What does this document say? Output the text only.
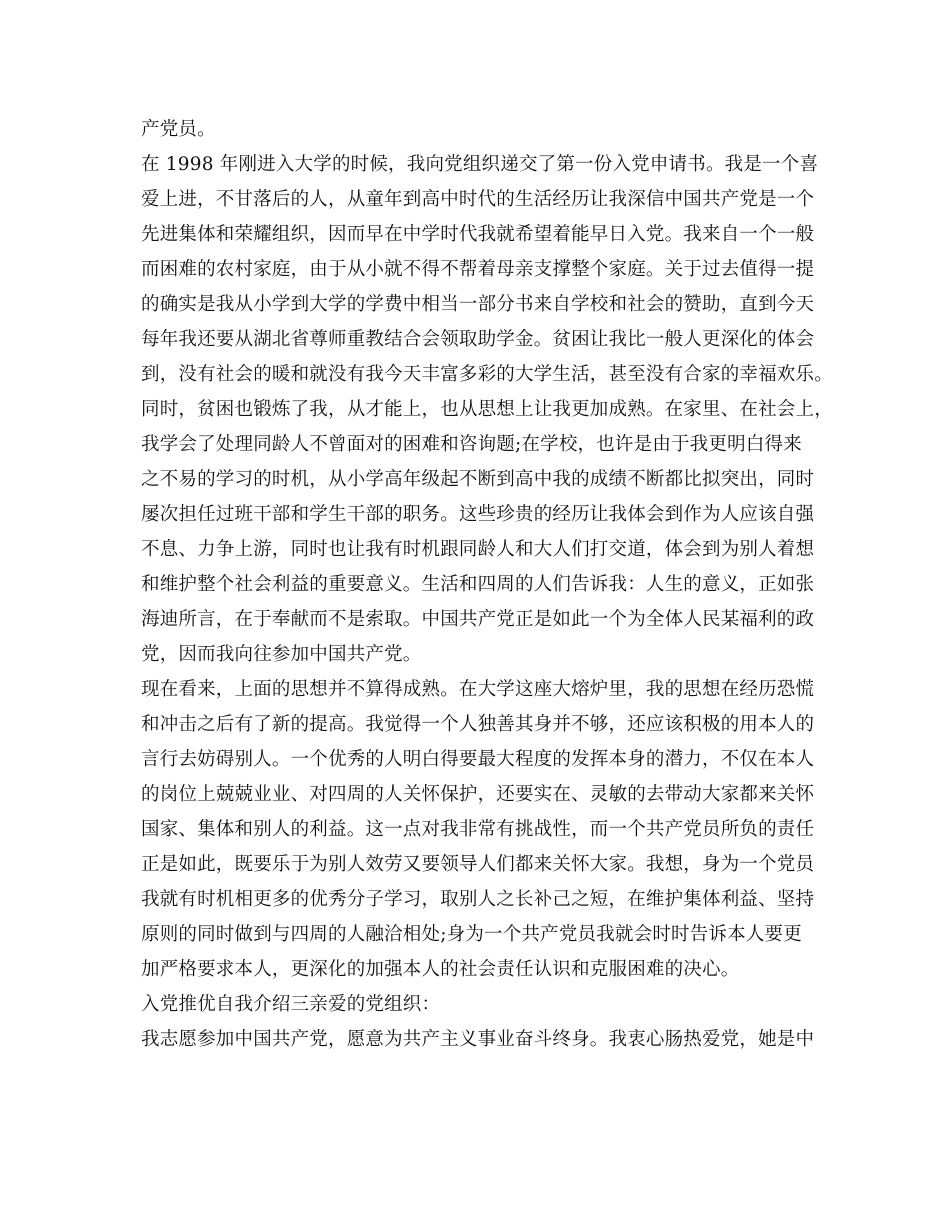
产党员。
在 1998 年刚进入大学的时候，我向党组织递交了第一份入党申请书。我是一个喜
爱上进，不甘落后的人，从童年到高中时代的生活经历让我深信中国共产党是一个
先进集体和荣耀组织，因而早在中学时代我就希望着能早日入党。我来自一个一般
而困难的农村家庭，由于从小就不得不帮着母亲支撑整个家庭。关于过去值得一提
的确实是我从小学到大学的学费中相当一部分书来自学校和社会的赞助，直到今天
每年我还要从湖北省尊师重教结合会领取助学金。贫困让我比一般人更深化的体会
到，没有社会的暖和就没有我今天丰富多彩的大学生活，甚至没有合家的幸福欢乐。
同时，贫困也锻炼了我，从才能上，也从思想上让我更加成熟。在家里、在社会上，
我学会了处理同龄人不曾面对的困难和咨询题;在学校，也许是由于我更明白得来
之不易的学习的时机，从小学高年级起不断到高中我的成绩不断都比拟突出，同时
屡次担任过班干部和学生干部的职务。这些珍贵的经历让我体会到作为人应该自强
不息、力争上游，同时也让我有时机跟同龄人和大人们打交道，体会到为别人着想
和维护整个社会利益的重要意义。生活和四周的人们告诉我：人生的意义，正如张
海迪所言，在于奉献而不是索取。中国共产党正是如此一个为全体人民某福利的政
党，因而我向往参加中国共产党。
现在看来，上面的思想并不算得成熟。在大学这座大熔炉里，我的思想在经历恐慌
和冲击之后有了新的提高。我觉得一个人独善其身并不够，还应该积极的用本人的
言行去妨碍别人。一个优秀的人明白得要最大程度的发挥本身的潜力，不仅在本人
的岗位上兢兢业业、对四周的人关怀保护，还要实在、灵敏的去带动大家都来关怀
国家、集体和别人的利益。这一点对我非常有挑战性，而一个共产党员所负的责任
正是如此，既要乐于为别人效劳又要领导人们都来关怀大家。我想，身为一个党员
我就有时机相更多的优秀分子学习，取别人之长补己之短，在维护集体利益、坚持
原则的同时做到与四周的人融洽相处;身为一个共产党员我就会时时告诉本人要更
加严格要求本人，更深化的加强本人的社会责任认识和克服困难的决心。
入党推优自我介绍三亲爱的党组织：
我志愿参加中国共产党，愿意为共产主义事业奋斗终身。我衷心肠热爱党，她是中
